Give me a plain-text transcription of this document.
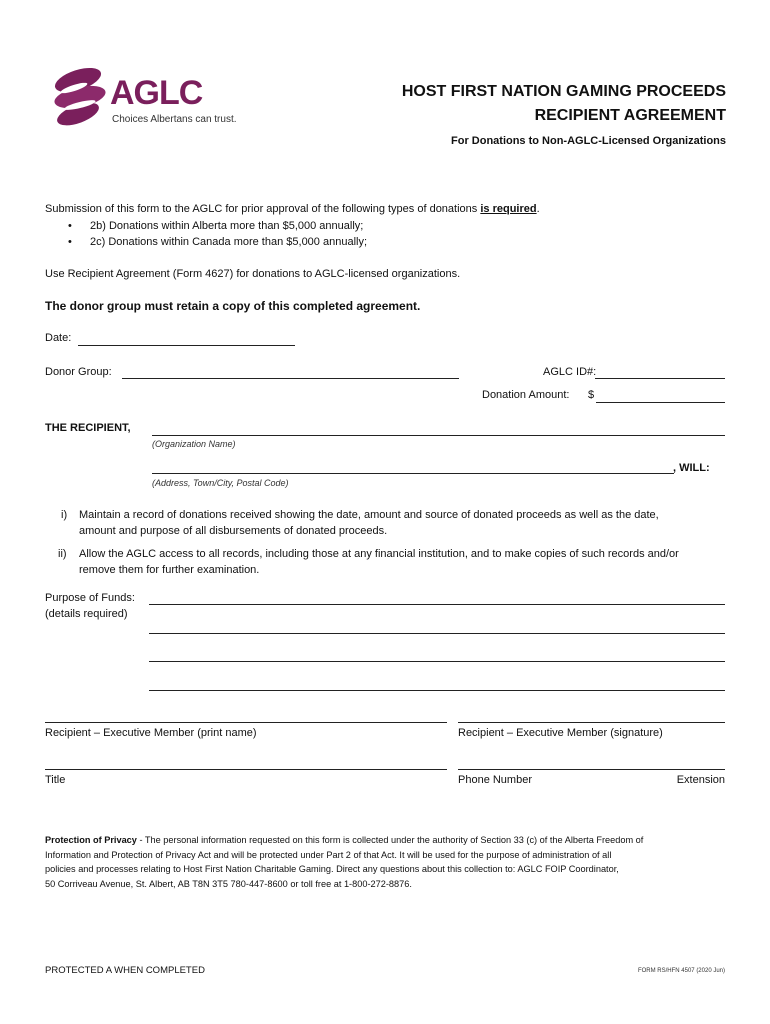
AGLC
Choices Albertans can trust.
HOST FIRST NATION GAMING PROCEEDS
RECIPIENT AGREEMENT
For Donations to Non-AGLC-Licensed Organizations
Submission of this form to the AGLC for prior approval of the following types of donations is required.
• 2b) Donations within Alberta more than $5,000 annually;
• 2c) Donations within Canada more than $5,000 annually;
Use Recipient Agreement (Form 4627) for donations to AGLC-licensed organizations.
The donor group must retain a copy of this completed agreement.
Date:
Donor Group:	AGLC ID#:
Donation Amount: $
THE RECIPIENT,
(Organization Name)
, WILL:
(Address, Town/City, Postal Code)
i) Maintain a record of donations received showing the date, amount and source of donated proceeds as well as the date,
amount and purpose of all disbursements of donated proceeds.
ii) Allow the AGLC access to all records, including those at any financial institution, and to make copies of such records and/or
remove them for further examination.
Purpose of Funds:
(details required)
Recipient – Executive Member (print name)	Recipient – Executive Member (signature)
Title	Phone Number	Extension
Protection of Privacy - The personal information requested on this form is collected under the authority of Section 33 (c) of the Alberta Freedom of
Information and Protection of Privacy Act and will be protected under Part 2 of that Act. It will be used for the purpose of administration of all
policies and processes relating to Host First Nation Charitable Gaming. Direct any questions about this collection to: AGLC FOIP Coordinator,
50 Corriveau Avenue, St. Albert, AB T8N 3T5 780-447-8600 or toll free at 1-800-272-8876.
PROTECTED A WHEN COMPLETED	FORM RS/HFN 4507 (2020 Jun)
